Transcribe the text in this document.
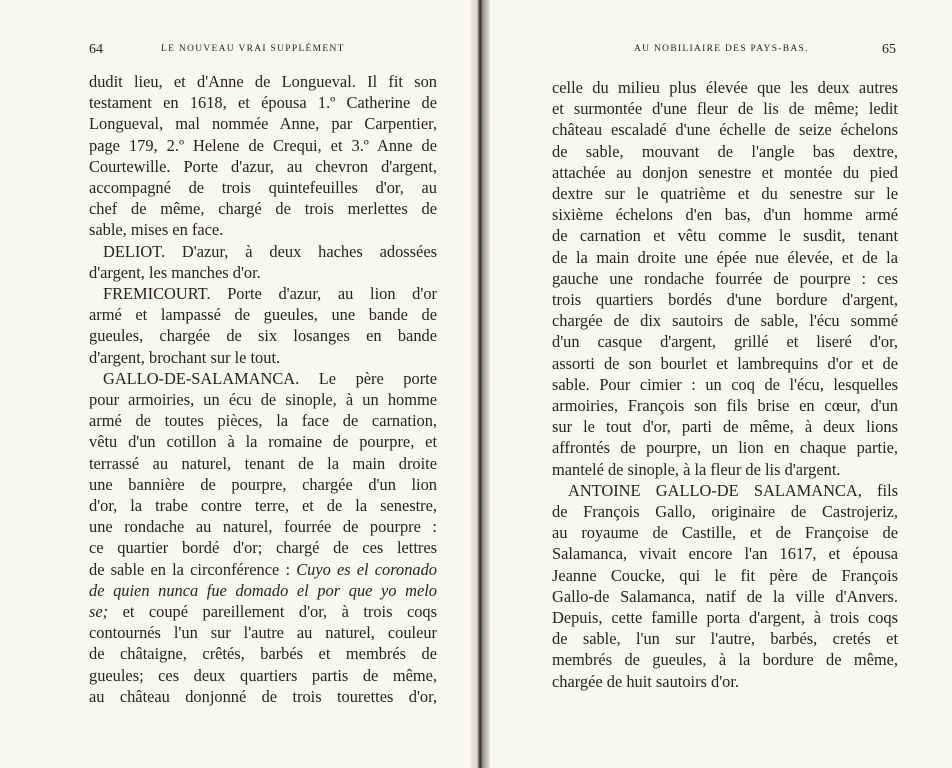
64	LE NOUVEAU VRAI SUPPLÉMENT	AU NOBILIAIRE DES PAYS-BAS.	65
dudit lieu, et d'Anne de Longueval. Il fit son
testament en 1618, et épousa 1.º Catherine de
Longueval, mal nommée Anne, par Carpentier,
page 179, 2.º Helene de Crequi, et 3.º Anne de
Courtewille. Porte d'azur, au chevron d'argent,
accompagné de trois quintefeuilles d'or, au
chef de même, chargé de trois merlettes de
sable, mises en face.
DELIOT. D'azur, à deux haches adossées
d'argent, les manches d'or.
FREMICOURT. Porte d'azur, au lion d'or
armé et lampassé de gueules, une bande de
gueules, chargée de six losanges en bande
d'argent, brochant sur le tout.
GALLO-DE-SALAMANCA. Le père porte
pour armoiries, un écu de sinople, à un homme
armé de toutes pièces, la face de carnation,
vêtu d'un cotillon à la romaine de pourpre, et
terrassé au naturel, tenant de la main droite
une bannière de pourpre, chargée d'un lion
d'or, la trabe contre terre, et de la senestre,
une rondache au naturel, fourrée de pourpre :
ce quartier bordé d'or; chargé de ces lettres
de sable en la circonférence : Cuyo es el coronado
de quien nunca fue domado el por que yo melo
se; et coupé pareillement d'or, à trois coqs
contournés l'un sur l'autre au naturel, couleur
de châtaigne, crêtés, barbés et membrés de
gueules; ces deux quartiers partis de même,
au château donjonné de trois tourettes d'or,
celle du milieu plus élevée que les deux autres
et surmontée d'une fleur de lis de même; ledit
château escaladé d'une échelle de seize échelons
de sable, mouvant de l'angle bas dextre,
attachée au donjon senestre et montée du pied
dextre sur le quatrième et du senestre sur le
sixième échelons d'en bas, d'un homme armé
de carnation et vêtu comme le susdit, tenant
de la main droite une épée nue élevée, et de la
gauche une rondache fourrée de pourpre : ces
trois quartiers bordés d'une bordure d'argent,
chargée de dix sautoirs de sable, l'écu sommé
d'un casque d'argent, grillé et liseré d'or,
assorti de son bourlet et lambrequins d'or et de
sable. Pour cimier : un coq de l'écu, lesquelles
armoiries, François son fils brise en cœur, d'un
sur le tout d'or, parti de même, à deux lions
affrontés de pourpre, un lion en chaque partie,
mantelé de sinople, à la fleur de lis d'argent.
ANTOINE GALLO-DE SALAMANCA, fils
de François Gallo, originaire de Castrojeriz,
au royaume de Castille, et de Françoise de
Salamanca, vivait encore l'an 1617, et épousa
Jeanne Coucke, qui le fit père de François
Gallo-de Salamanca, natif de la ville d'Anvers.
Depuis, cette famille porta d'argent, à trois coqs
de sable, l'un sur l'autre, barbés, cretés et
membrés de gueules, à la bordure de même,
chargée de huit sautoirs d'or.
